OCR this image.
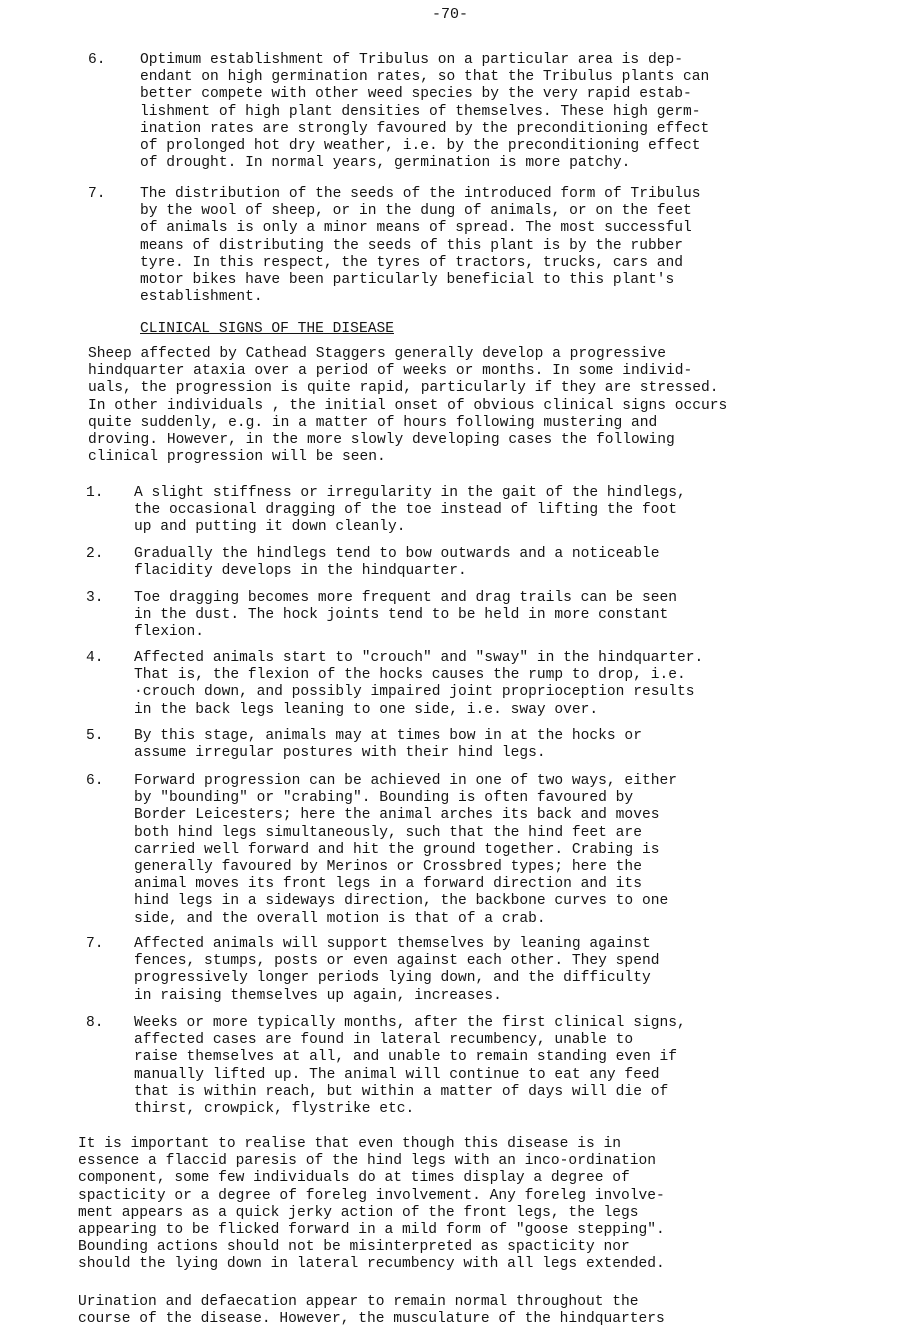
-70-
6.	Optimum establishment of Tribulus on a particular area is dep-
endant on high germination rates, so that the Tribulus plants can
better compete with other weed species by the very rapid estab-
lishment of high plant densities of themselves. These high germ-
ination rates are strongly favoured by the preconditioning effect
of prolonged hot dry weather, i.e. by the preconditioning effect
of drought. In normal years, germination is more patchy.
7.	The distribution of the seeds of the introduced form of Tribulus
by the wool of sheep, or in the dung of animals, or on the feet
of animals is only a minor means of spread. The most successful
means of distributing the seeds of this plant is by the rubber
tyre. In this respect, the tyres of tractors, trucks, cars and
motor bikes have been particularly beneficial to this plant's
establishment.
CLINICAL SIGNS OF THE DISEASE
Sheep affected by Cathead Staggers generally develop a progressive
hindquarter ataxia over a period of weeks or months. In some individ-
uals, the progression is quite rapid, particularly if they are stressed.
In other individuals , the initial onset of obvious clinical signs occurs
quite suddenly, e.g. in a matter of hours following mustering and
droving. However, in the more slowly developing cases the following
clinical progression will be seen.
1.	A slight stiffness or irregularity in the gait of the hindlegs,
the occasional dragging of the toe instead of lifting the foot
up and putting it down cleanly.
2.	Gradually the hindlegs tend to bow outwards and a noticeable
flacidity develops in the hindquarter.
3.	Toe dragging becomes more frequent and drag trails can be seen
in the dust. The hock joints tend to be held in more constant
flexion.
4.	Affected animals start to "crouch" and "sway" in the hindquarter.
That is, the flexion of the hocks causes the rump to drop, i.e.
·crouch down, and possibly impaired joint proprioception results
in the back legs leaning to one side, i.e. sway over.
5.	By this stage, animals may at times bow in at the hocks or
assume irregular postures with their hind legs.
6.	Forward progression can be achieved in one of two ways, either
by "bounding" or "crabing". Bounding is often favoured by
Border Leicesters; here the animal arches its back and moves
both hind legs simultaneously, such that the hind feet are
carried well forward and hit the ground together. Crabing is
generally favoured by Merinos or Crossbred types; here the
animal moves its front legs in a forward direction and its
hind legs in a sideways direction, the backbone curves to one
side, and the overall motion is that of a crab.
7.	Affected animals will support themselves by leaning against
fences, stumps, posts or even against each other. They spend
progressively longer periods lying down, and the difficulty
in raising themselves up again, increases.
8.	Weeks or more typically months, after the first clinical signs,
affected cases are found in lateral recumbency, unable to
raise themselves at all, and unable to remain standing even if
manually lifted up. The animal will continue to eat any feed
that is within reach, but within a matter of days will die of
thirst, crowpick, flystrike etc.
It is important to realise that even though this disease is in
essence a flaccid paresis of the hind legs with an inco-ordination
component, some few individuals do at times display a degree of
spacticity or a degree of foreleg involvement. Any foreleg involve-
ment appears as a quick jerky action of the front legs, the legs
appearing to be flicked forward in a mild form of "goose stepping".
Bounding actions should not be misinterpreted as spacticity nor
should the lying down in lateral recumbency with all legs extended.
Urination and defaecation appear to remain normal throughout the
course of the disease. However, the musculature of the hindquarters
